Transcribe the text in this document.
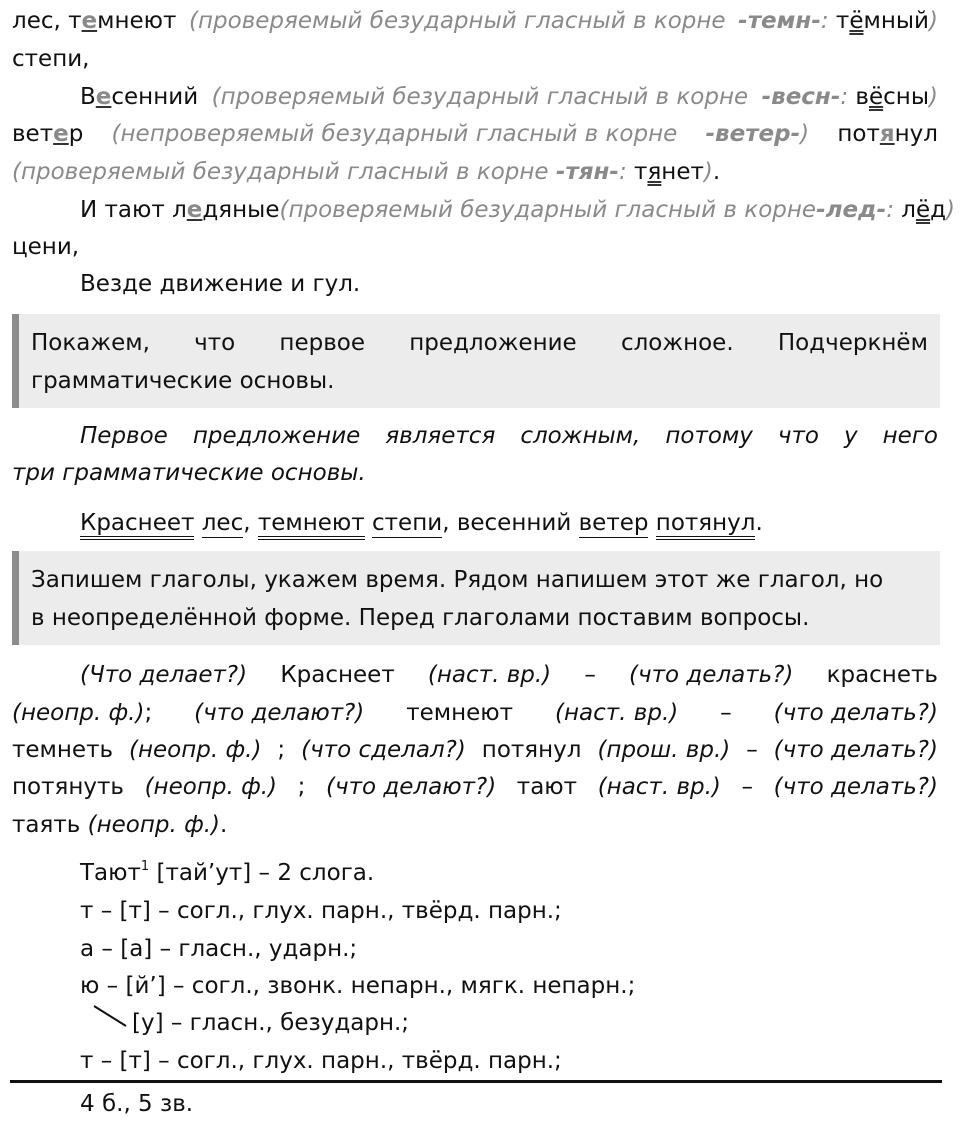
лес, темнеют (проверяемый безударный гласный в корне -темн-: тёмный)
степи,
Весенний (проверяемый безударный гласный в корне -весн-: вёсны)
ветер (непроверяемый безударный гласный в корне -ветер-) потянул
(проверяемый безударный гласный в корне -тян-: тянет).
И тают ледяные (проверяемый безударный гласный в корне -лед-: лёд)
цени,
Везде движение и гул.
Покажем, что первое предложение сложное. Подчеркнём
грамматические основы.
Первое предложение является сложным, потому что у него
три грамматические основы.
Краснеет лес, темнеют степи, весенний ветер потянул.
Запишем глаголы, укажем время. Рядом напишем этот же глагол, но
в неопределённой форме. Перед глаголами поставим вопросы.
(Что делает?) Краснеет (наст. вр.) – (что делать?) краснеть
(неопр. ф.); (что делают?) темнеют (наст. вр.) – (что делать?)
темнеть (неопр. ф.) ; (что сделал?) потянул (прош. вр.) – (что делать?)
потянуть (неопр. ф.) ; (что делают?) тают (наст. вр.) – (что делать?)
таять (неопр. ф.).
Тают$^1$ [тай’ут] – 2 слога.
т – [т] – согл., глух. парн., твёрд. парн.;
а – [а] – гласн., ударн.;
ю – [й’] – согл., звонк. непарн., мягк. непарн.;
[у] – гласн., безударн.;
т – [т] – согл., глух. парн., твёрд. парн.;
4 б., 5 зв.
